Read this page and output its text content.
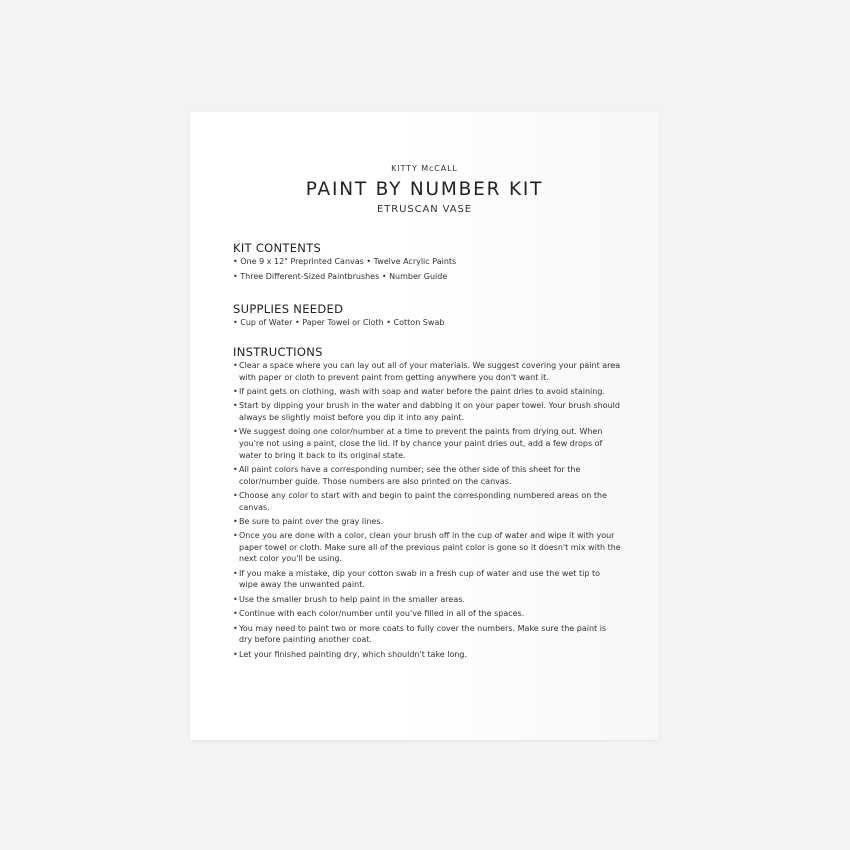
KITTY McCALL
PAINT BY NUMBER KIT
ETRUSCAN VASE
KIT CONTENTS
• One 9 x 12" Preprinted Canvas • Twelve Acrylic Paints
• Three Different-Sized Paintbrushes • Number Guide
SUPPLIES NEEDED
• Cup of Water • Paper Towel or Cloth • Cotton Swab
INSTRUCTIONS
• Clear a space where you can lay out all of your materials. We suggest covering your paint area with paper or cloth to prevent paint from getting anywhere you don't want it.
• If paint gets on clothing, wash with soap and water before the paint dries to avoid staining.
• Start by dipping your brush in the water and dabbing it on your paper towel. Your brush should always be slightly moist before you dip it into any paint.
• We suggest doing one color/number at a time to prevent the paints from drying out. When you're not using a paint, close the lid. If by chance your paint dries out, add a few drops of water to bring it back to its original state.
• All paint colors have a corresponding number; see the other side of this sheet for the color/number guide. Those numbers are also printed on the canvas.
• Choose any color to start with and begin to paint the corresponding numbered areas on the canvas.
• Be sure to paint over the gray lines.
• Once you are done with a color, clean your brush off in the cup of water and wipe it with your paper towel or cloth. Make sure all of the previous paint color is gone so it doesn't mix with the next color you'll be using.
• If you make a mistake, dip your cotton swab in a fresh cup of water and use the wet tip to wipe away the unwanted paint.
• Use the smaller brush to help paint in the smaller areas.
• Continue with each color/number until you've filled in all of the spaces.
• You may need to paint two or more coats to fully cover the numbers. Make sure the paint is dry before painting another coat.
• Let your finished painting dry, which shouldn't take long.
